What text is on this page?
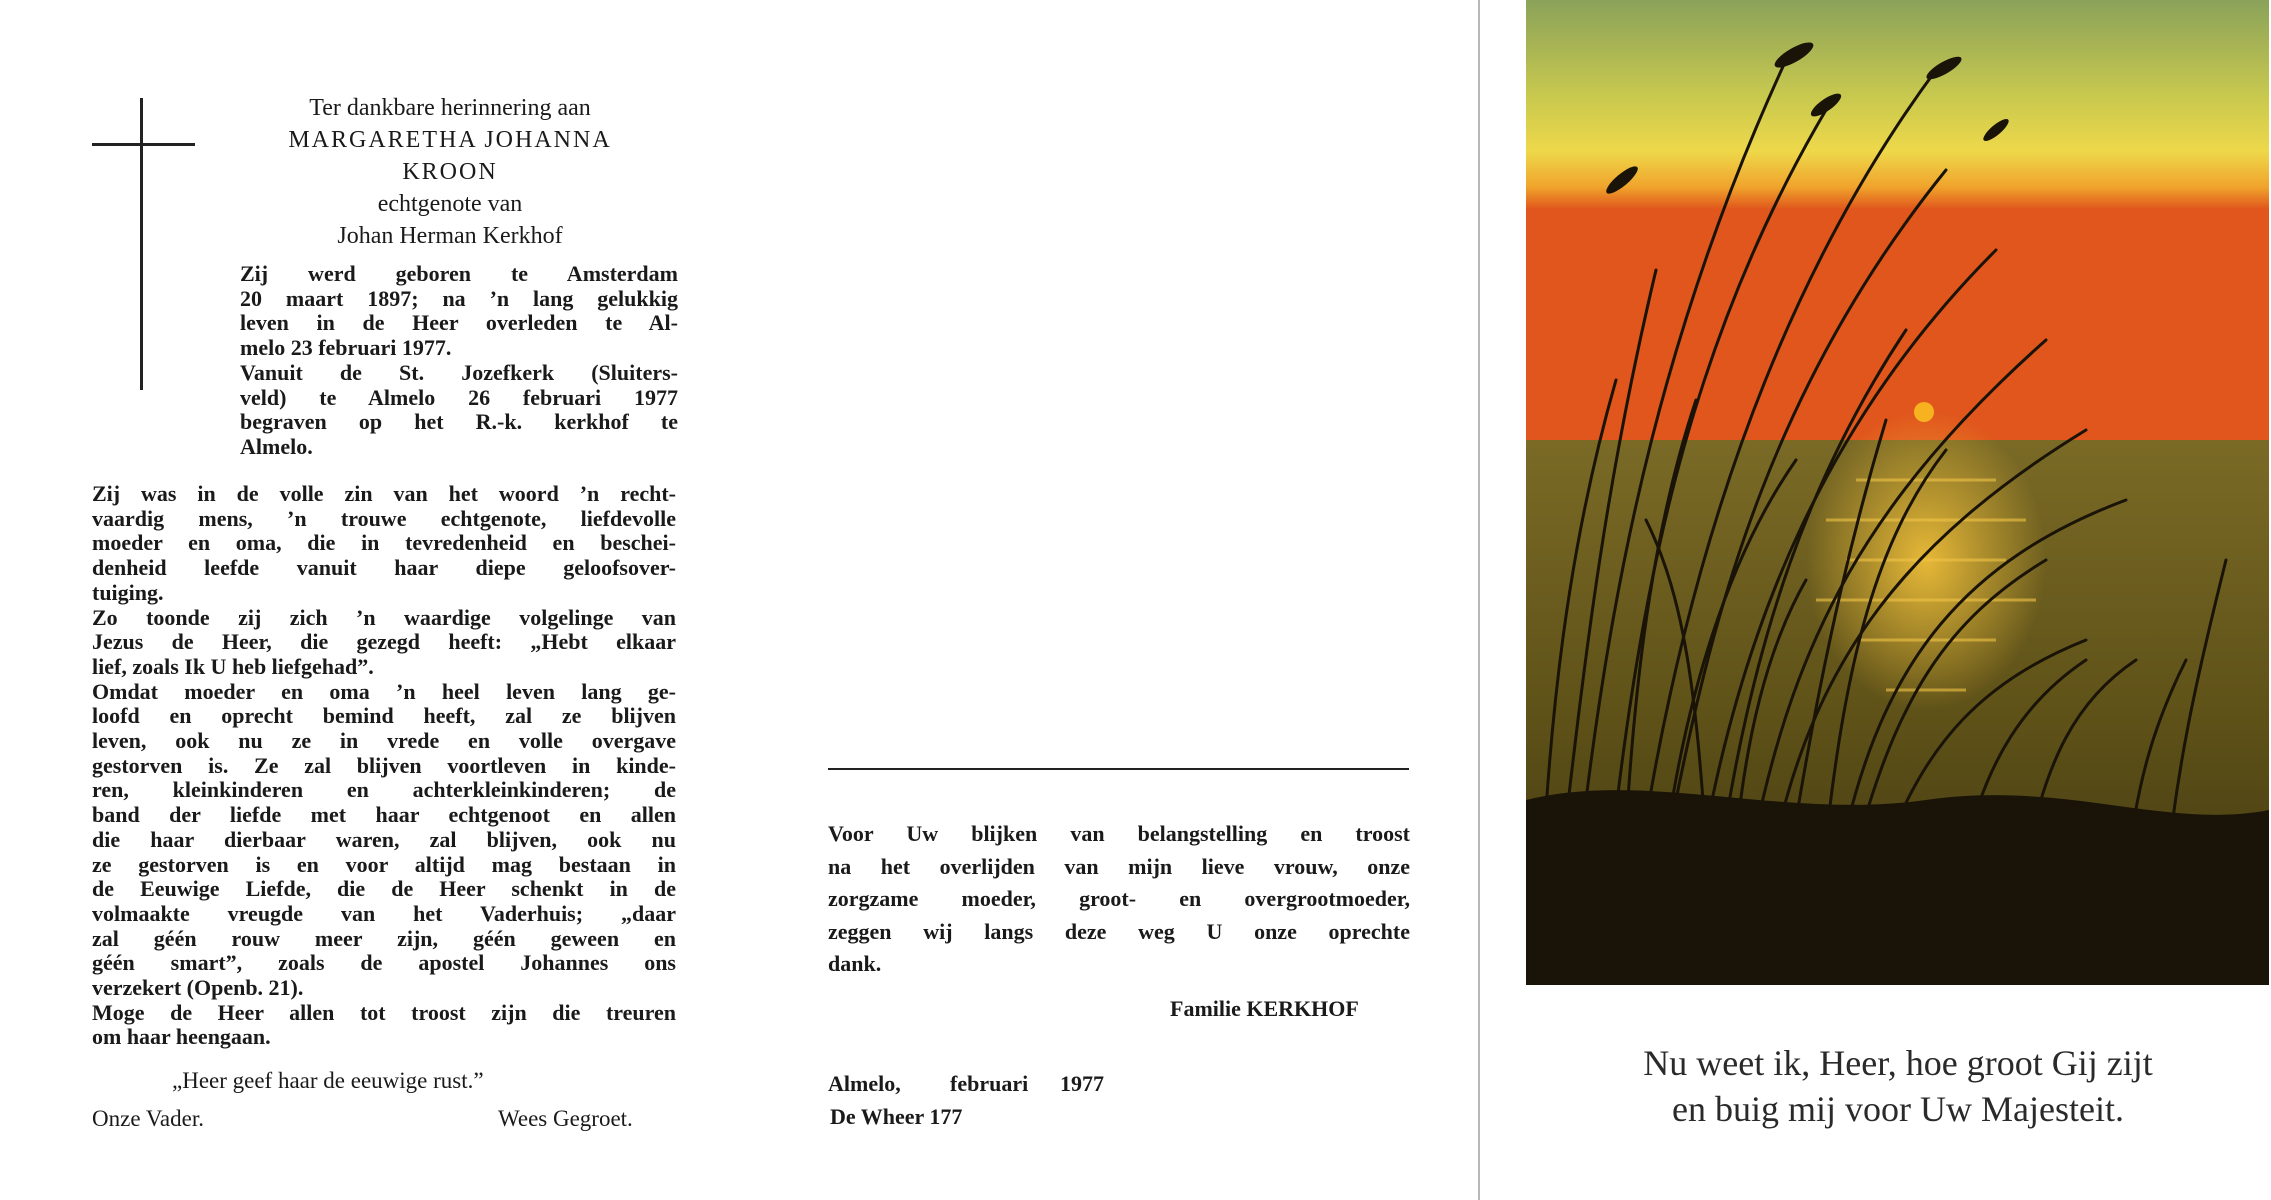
Ter dankbare herinnering aan
MARGARETHA JOHANNA
KROON
echtgenote van
Johan Herman Kerkhof
Zij werd geboren te Amsterdam
20 maart 1897; na ’n lang gelukkig
leven in de Heer overleden te Al-
melo 23 februari 1977.
Vanuit de St. Jozefkerk (Sluiters-
veld) te Almelo 26 februari 1977
begraven op het R.-k. kerkhof te
Almelo.
Zij was in de volle zin van het woord ’n recht-
vaardig mens, ’n trouwe echtgenote, liefdevolle
moeder en oma, die in tevredenheid en beschei-
denheid leefde vanuit haar diepe geloofsover-
tuiging.
Zo toonde zij zich ’n waardige volgelinge van
Jezus de Heer, die gezegd heeft: „Hebt elkaar
lief, zoals Ik U heb liefgehad”.
Omdat moeder en oma ’n heel leven lang ge-
loofd en oprecht bemind heeft, zal ze blijven
leven, ook nu ze in vrede en volle overgave
gestorven is. Ze zal blijven voortleven in kinde-
ren, kleinkinderen en achterkleinkinderen; de
band der liefde met haar echtgenoot en allen
die haar dierbaar waren, zal blijven, ook nu
ze gestorven is en voor altijd mag bestaan in
de Eeuwige Liefde, die de Heer schenkt in de
volmaakte vreugde van het Vaderhuis; „daar
zal géén rouw meer zijn, géén geween en
géén smart”, zoals de apostel Johannes ons
verzekert (Openb. 21).
Moge de Heer allen tot troost zijn die treuren
om haar heengaan.
„Heer geef haar de eeuwige rust.”
Onze Vader.	Wees Gegroet.
Voor Uw blijken van belangstelling en troost
na het overlijden van mijn lieve vrouw, onze
zorgzame moeder, groot- en overgrootmoeder,
zeggen wij langs deze weg U onze oprechte
dank.
Familie KERKHOF
Almelo, februari 1977
De Wheer 177
Nu weet ik, Heer, hoe groot Gij zijt
en buig mij voor Uw Majesteit.
